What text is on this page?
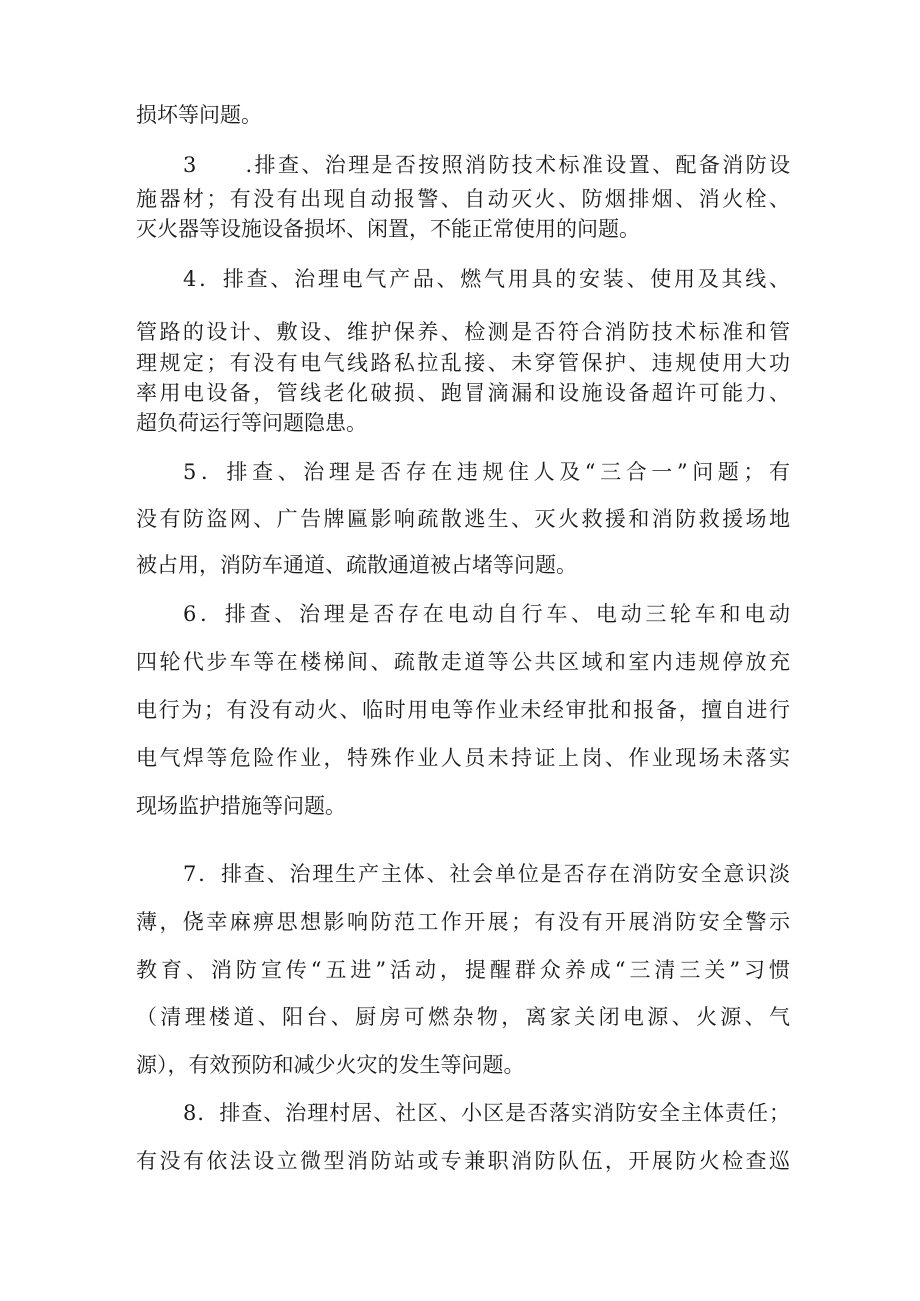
损坏等问题。
3　　.排查、治理是否按照消防技术标准设置、配备消防设
施器材；有没有出现自动报警、自动灭火、防烟排烟、消火栓、
灭火器等设施设备损坏、闲置，不能正常使用的问题。
4．排查、治理电气产品、燃气用具的安装、使用及其线、
管路的设计、敷设、维护保养、检测是否符合消防技术标准和管
理规定；有没有电气线路私拉乱接、未穿管保护、违规使用大功
率用电设备，管线老化破损、跑冒滴漏和设施设备超许可能力、
超负荷运行等问题隐患。
5．排查、治理是否存在违规住人及“三合一”问题；有
没有防盗网、广告牌匾影响疏散逃生、灭火救援和消防救援场地
被占用，消防车通道、疏散通道被占堵等问题。
6．排查、治理是否存在电动自行车、电动三轮车和电动
四轮代步车等在楼梯间、疏散走道等公共区域和室内违规停放充
电行为；有没有动火、临时用电等作业未经审批和报备，擅自进行
电气焊等危险作业，特殊作业人员未持证上岗、作业现场未落实
现场监护措施等问题。
7．排查、治理生产主体、社会单位是否存在消防安全意识淡
薄，侥幸麻痹思想影响防范工作开展；有没有开展消防安全警示
教育、消防宣传“五进”活动，提醒群众养成“三清三关”习惯
（清理楼道、阳台、厨房可燃杂物，离家关闭电源、火源、气
源），有效预防和减少火灾的发生等问题。
8．排查、治理村居、社区、小区是否落实消防安全主体责任；
有没有依法设立微型消防站或专兼职消防队伍，开展防火检查巡
